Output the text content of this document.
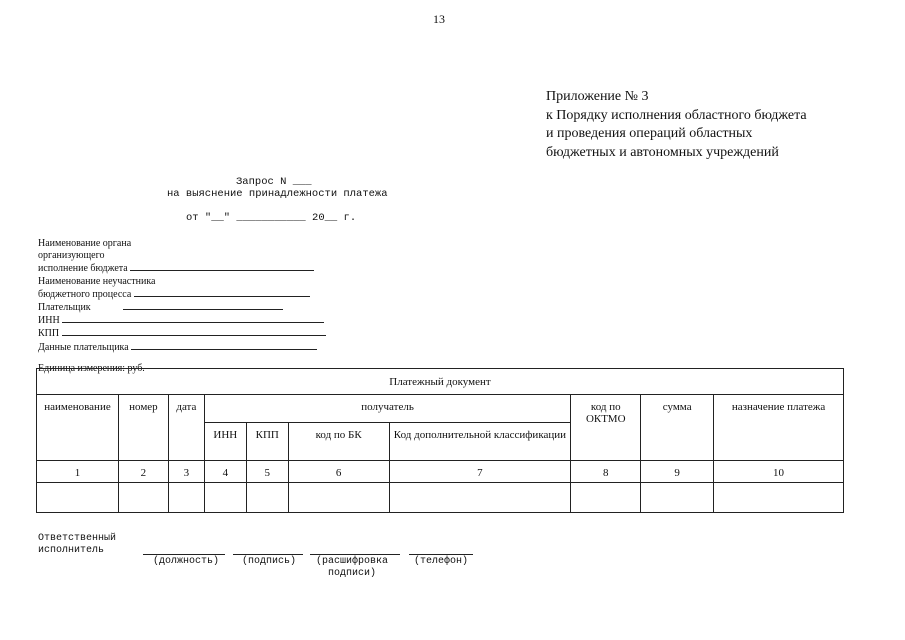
13
Приложение № 3
к Порядку исполнения областного бюджета
и проведения операций областных
бюджетных и автономных учреждений
Запрос N ___
на выяснение принадлежности платежа
от "__" ___________ 20__ г.
Наименование органа
организующего
исполнение бюджета
Наименование неучастника
бюджетного процесса
Плательщик
ИНН
КПП
Данные плательщика
Единица измерения: руб.
Платежный документ									
наименование	номер	дата	получатель				код по ОКТМО	сумма	назначение платежа
			ИНН	КПП	код по БК	Код дополнительной классификации			
1	2	3	4	5	6	7	8	9	10

Ответственный
исполнитель
(должность)	(подпись)	(расшифровка подписи)
(телефон)
